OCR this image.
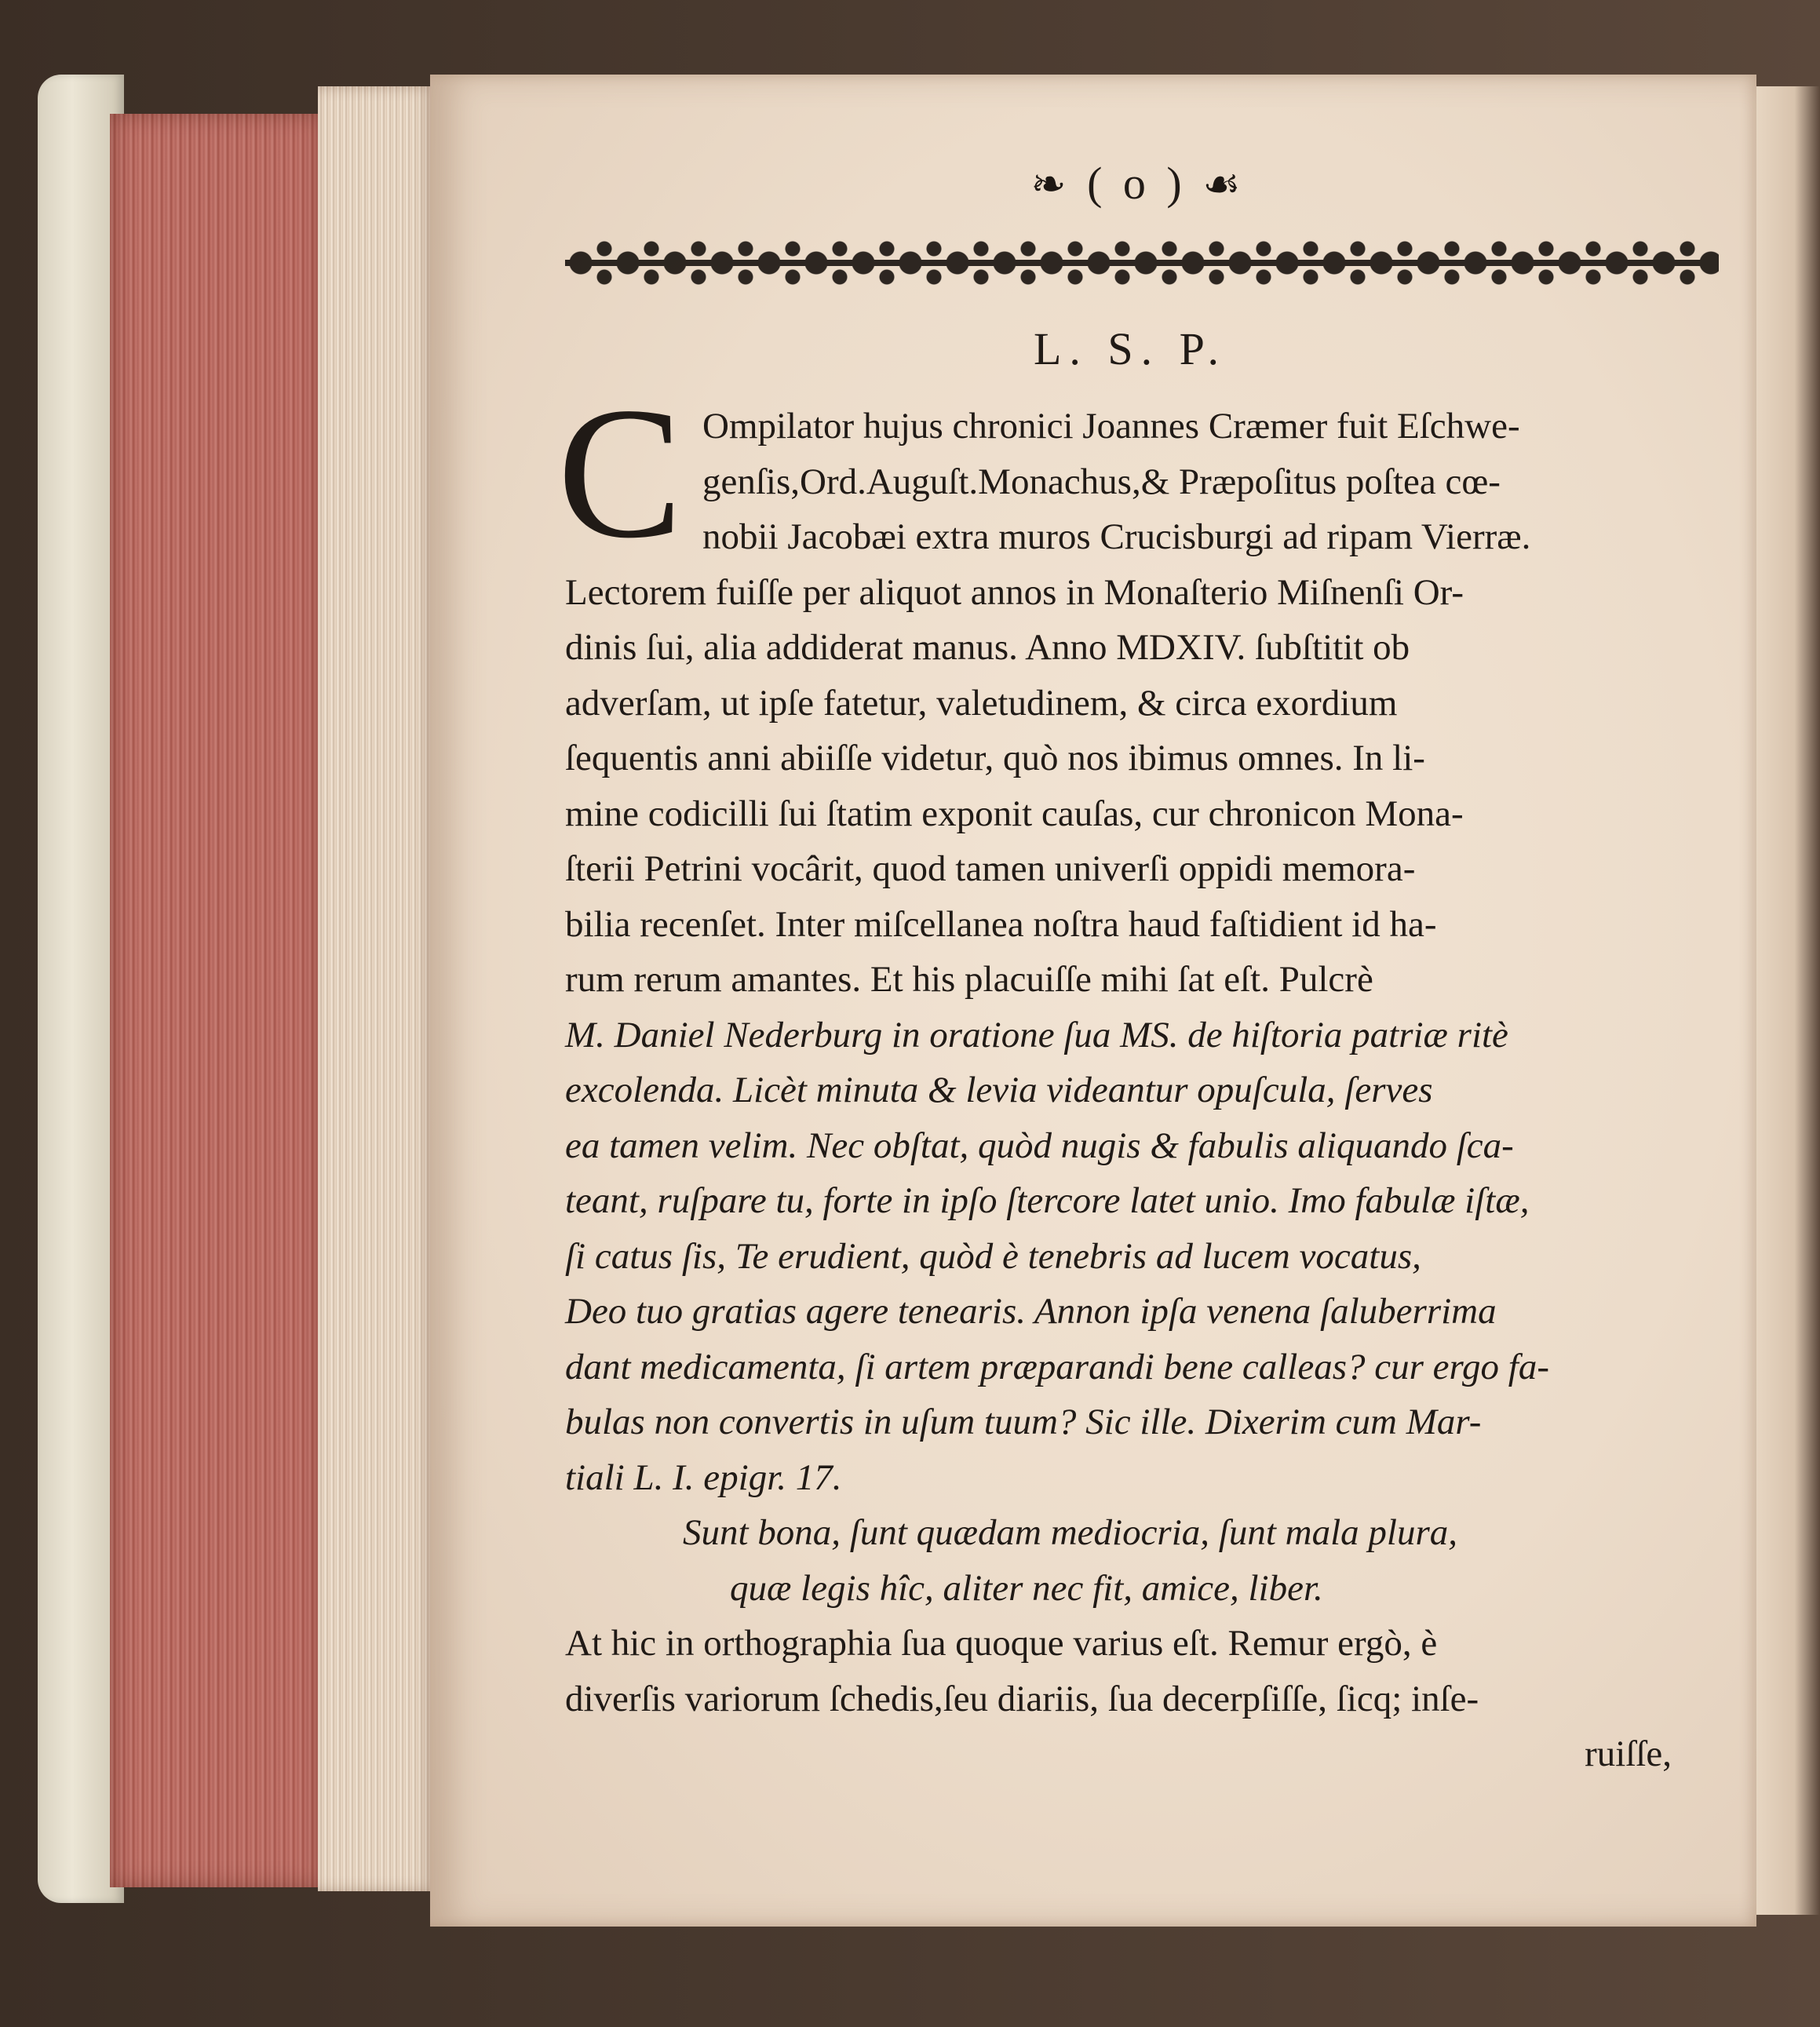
❧ ( o ) ☙
L. S. P.
C Ompilator hujus chronici Joannes Cræmer fuit Eſchwe-
genſis,Ord.Auguſt.Monachus,& Præpoſitus poſtea cœ-
nobii Jacobæi extra muros Crucisburgi ad ripam Vierræ.
Lectorem fuiſſe per aliquot annos in Monaſterio Miſnenſi Or-
dinis ſui, alia addiderat manus. Anno MDXIV. ſubſtitit ob
adverſam, ut ipſe fatetur, valetudinem, & circa exordium
ſequentis anni abiiſſe videtur, quò nos ibimus omnes. In li-
mine codicilli ſui ſtatim exponit cauſas, cur chronicon Mona-
ſterii Petrini vocârit, quod tamen univerſi oppidi memora-
bilia recenſet. Inter miſcellanea noſtra haud faſtidient id ha-
rum rerum amantes. Et his placuiſſe mihi ſat eſt. Pulcrè
M. Daniel Nederburg in oratione ſua MS. de hiſtoria patriæ ritè
excolenda. Licèt minuta & levia videantur opuſcula, ſerves
ea tamen velim. Nec obſtat, quòd nugis & fabulis aliquando ſca-
teant, ruſpare tu, forte in ipſo ſtercore latet unio. Imo fabulæ iſtæ,
ſi catus ſis, Te erudient, quòd è tenebris ad lucem vocatus,
Deo tuo gratias agere tenearis. Annon ipſa venena ſaluberrima
dant medicamenta, ſi artem præparandi bene calleas? cur ergo fa-
bulas non convertis in uſum tuum? Sic ille. Dixerim cum Mar-
tiali L. I. epigr. 17.
Sunt bona, ſunt quædam mediocria, ſunt mala plura,
quæ legis hîc, aliter nec fit, amice, liber.
At hic in orthographia ſua quoque varius eſt. Remur ergò, è
diverſis variorum ſchedis,ſeu diariis, ſua decerpſiſſe, ſicq; inſe-
ruiſſe,
